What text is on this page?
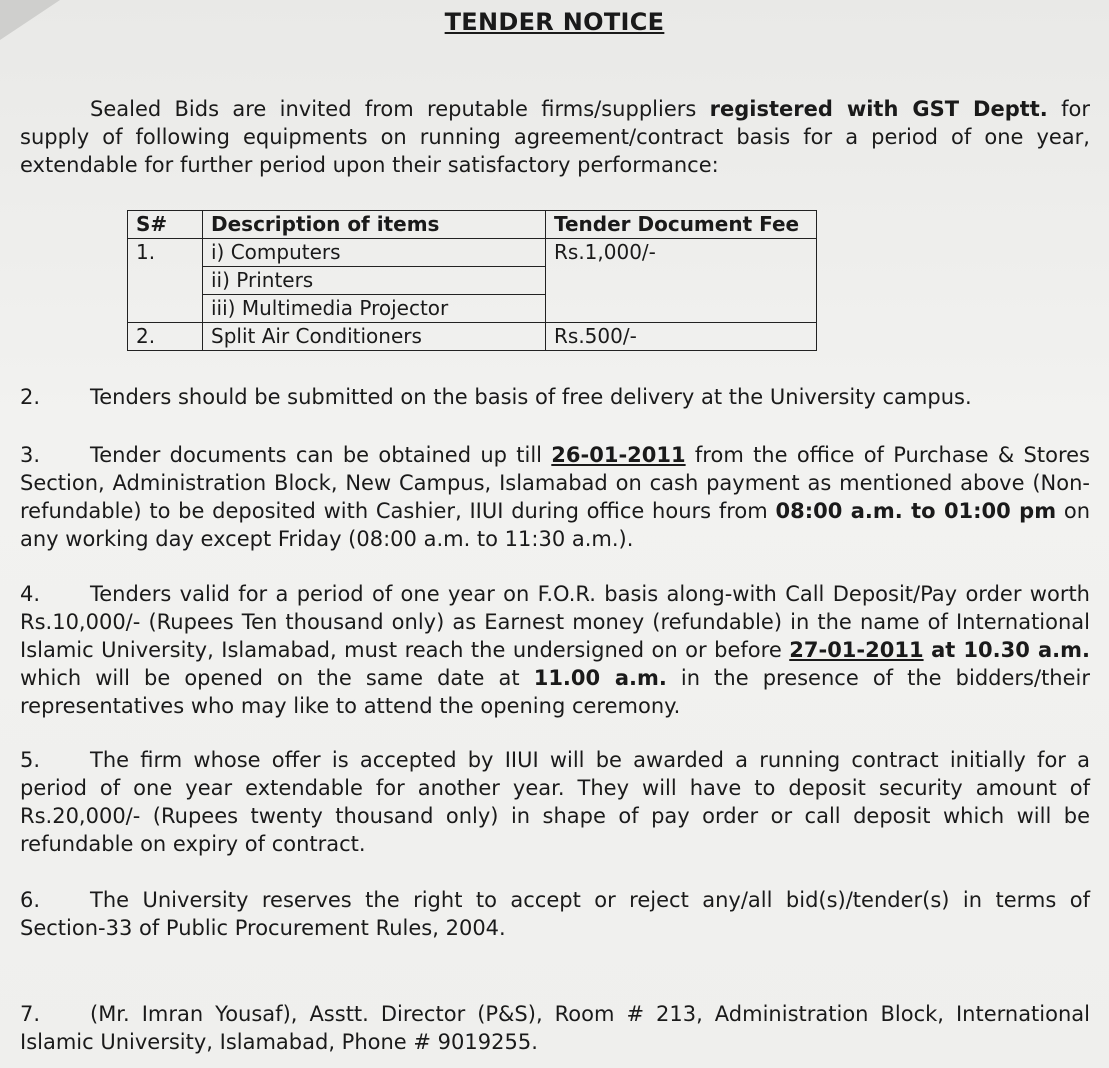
TENDER NOTICE

Sealed Bids are invited from reputable firms/suppliers registered with GST Deptt. for supply of following equipments on running agreement/contract basis for a period of one year, extendable for further period upon their satisfactory performance:

S#	Description of items	Tender Document Fee
1.	i) Computers	Rs.1,000/-
	ii) Printers	
	iii) Multimedia Projector	
2.	Split Air Conditioners	Rs.500/-

2. Tenders should be submitted on the basis of free delivery at the University campus.

3. Tender documents can be obtained up till 26-01-2011 from the office of Purchase & Stores Section, Administration Block, New Campus, Islamabad on cash payment as mentioned above (Non-refundable) to be deposited with Cashier, IIUI during office hours from 08:00 a.m. to 01:00 pm on any working day except Friday (08:00 a.m. to 11:30 a.m.).

4. Tenders valid for a period of one year on F.O.R. basis along-with Call Deposit/Pay order worth Rs.10,000/- (Rupees Ten thousand only) as Earnest money (refundable) in the name of International Islamic University, Islamabad, must reach the undersigned on or before 27-01-2011 at 10.30 a.m. which will be opened on the same date at 11.00 a.m. in the presence of the bidders/their representatives who may like to attend the opening ceremony.

5. The firm whose offer is accepted by IIUI will be awarded a running contract initially for a period of one year extendable for another year. They will have to deposit security amount of Rs.20,000/- (Rupees twenty thousand only) in shape of pay order or call deposit which will be refundable on expiry of contract.

6. The University reserves the right to accept or reject any/all bid(s)/tender(s) in terms of Section-33 of Public Procurement Rules, 2004.

7. (Mr. Imran Yousaf), Asstt. Director (P&S), Room # 213, Administration Block, International Islamic University, Islamabad, Phone # 9019255.
